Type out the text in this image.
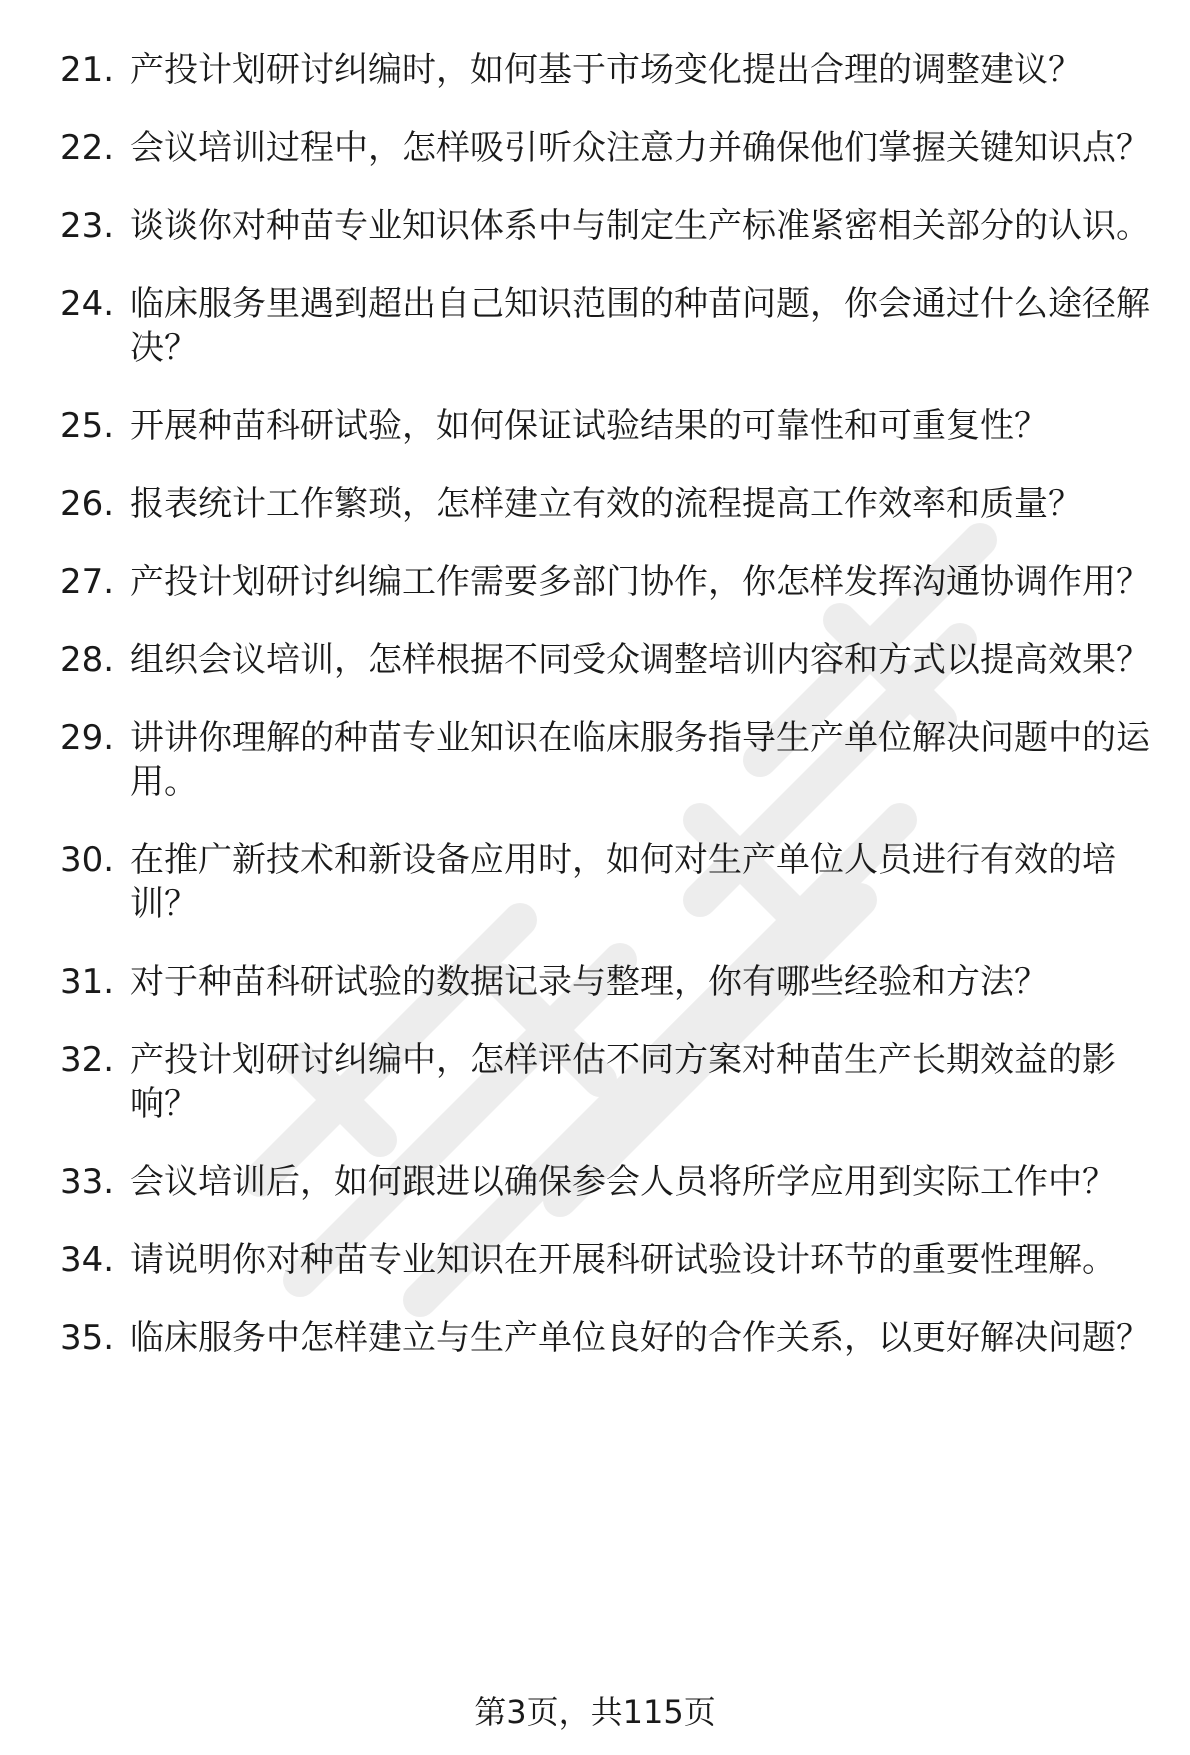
21. 产投计划研讨纠编时，如何基于市场变化提出合理的调整建议？
22. 会议培训过程中，怎样吸引听众注意力并确保他们掌握关键知识点？
23. 谈谈你对种苗专业知识体系中与制定生产标准紧密相关部分的认识。
24. 临床服务里遇到超出自己知识范围的种苗问题，你会通过什么途径解决？
25. 开展种苗科研试验，如何保证试验结果的可靠性和可重复性？
26. 报表统计工作繁琐，怎样建立有效的流程提高工作效率和质量？
27. 产投计划研讨纠编工作需要多部门协作，你怎样发挥沟通协调作用？
28. 组织会议培训，怎样根据不同受众调整培训内容和方式以提高效果？
29. 讲讲你理解的种苗专业知识在临床服务指导生产单位解决问题中的运用。
30. 在推广新技术和新设备应用时，如何对生产单位人员进行有效的培训？
31. 对于种苗科研试验的数据记录与整理，你有哪些经验和方法？
32. 产投计划研讨纠编中，怎样评估不同方案对种苗生产长期效益的影响？
33. 会议培训后，如何跟进以确保参会人员将所学应用到实际工作中？
34. 请说明你对种苗专业知识在开展科研试验设计环节的重要性理解。
35. 临床服务中怎样建立与生产单位良好的合作关系，以更好解决问题？
第3页，共115页
